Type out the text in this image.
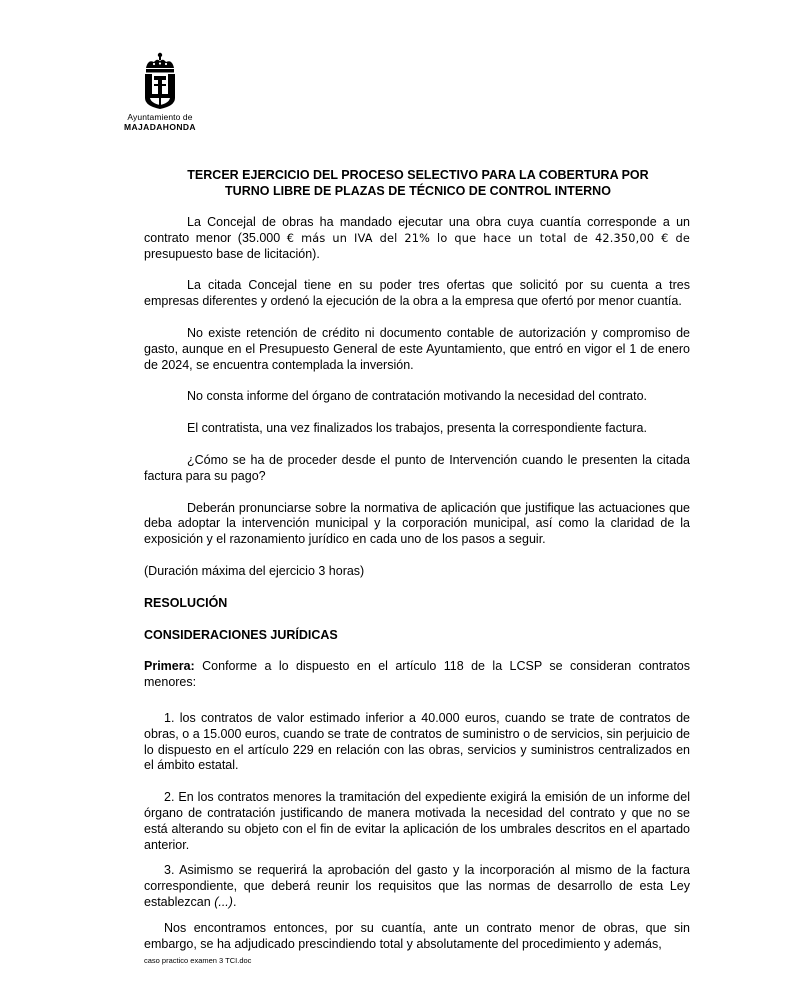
Ayuntamiento de
MAJADAHONDA
TERCER EJERCICIO DEL PROCESO SELECTIVO PARA LA COBERTURA POR
TURNO LIBRE DE PLAZAS DE TÉCNICO DE CONTROL INTERNO

La Concejal de obras ha mandado ejecutar una obra cuya cuantía corresponde a un contrato menor (35.000 € más un IVA del 21% lo que hace un total de 42.350,00 € de presupuesto base de licitación).

La citada Concejal tiene en su poder tres ofertas que solicitó por su cuenta a tres empresas diferentes y ordenó la ejecución de la obra a la empresa que ofertó por menor cuantía.

No existe retención de crédito ni documento contable de autorización y compromiso de gasto, aunque en el Presupuesto General de este Ayuntamiento, que entró en vigor el 1 de enero de 2024, se encuentra contemplada la inversión.

No consta informe del órgano de contratación motivando la necesidad del contrato.

El contratista, una vez finalizados los trabajos, presenta la correspondiente factura.

¿Cómo se ha de proceder desde el punto de Intervención cuando le presenten la citada factura para su pago?

Deberán pronunciarse sobre la normativa de aplicación que justifique las actuaciones que deba adoptar la intervención municipal y la corporación municipal, así como la claridad de la exposición y el razonamiento jurídico en cada uno de los pasos a seguir.

(Duración máxima del ejercicio 3 horas)

RESOLUCIÓN

CONSIDERACIONES JURÍDICAS

Primera: Conforme a lo dispuesto en el artículo 118 de la LCSP se consideran contratos menores:

1. los contratos de valor estimado inferior a 40.000 euros, cuando se trate de contratos de obras, o a 15.000 euros, cuando se trate de contratos de suministro o de servicios, sin perjuicio de lo dispuesto en el artículo 229 en relación con las obras, servicios y suministros centralizados en el ámbito estatal.

2. En los contratos menores la tramitación del expediente exigirá la emisión de un informe del órgano de contratación justificando de manera motivada la necesidad del contrato y que no se está alterando su objeto con el fin de evitar la aplicación de los umbrales descritos en el apartado anterior.

3. Asimismo se requerirá la aprobación del gasto y la incorporación al mismo de la factura correspondiente, que deberá reunir los requisitos que las normas de desarrollo de esta Ley establezcan (...).

Nos encontramos entonces, por su cuantía, ante un contrato menor de obras, que sin embargo, se ha adjudicado prescindiendo total y absolutamente del procedimiento y además,

caso practico examen 3 TCI.doc
